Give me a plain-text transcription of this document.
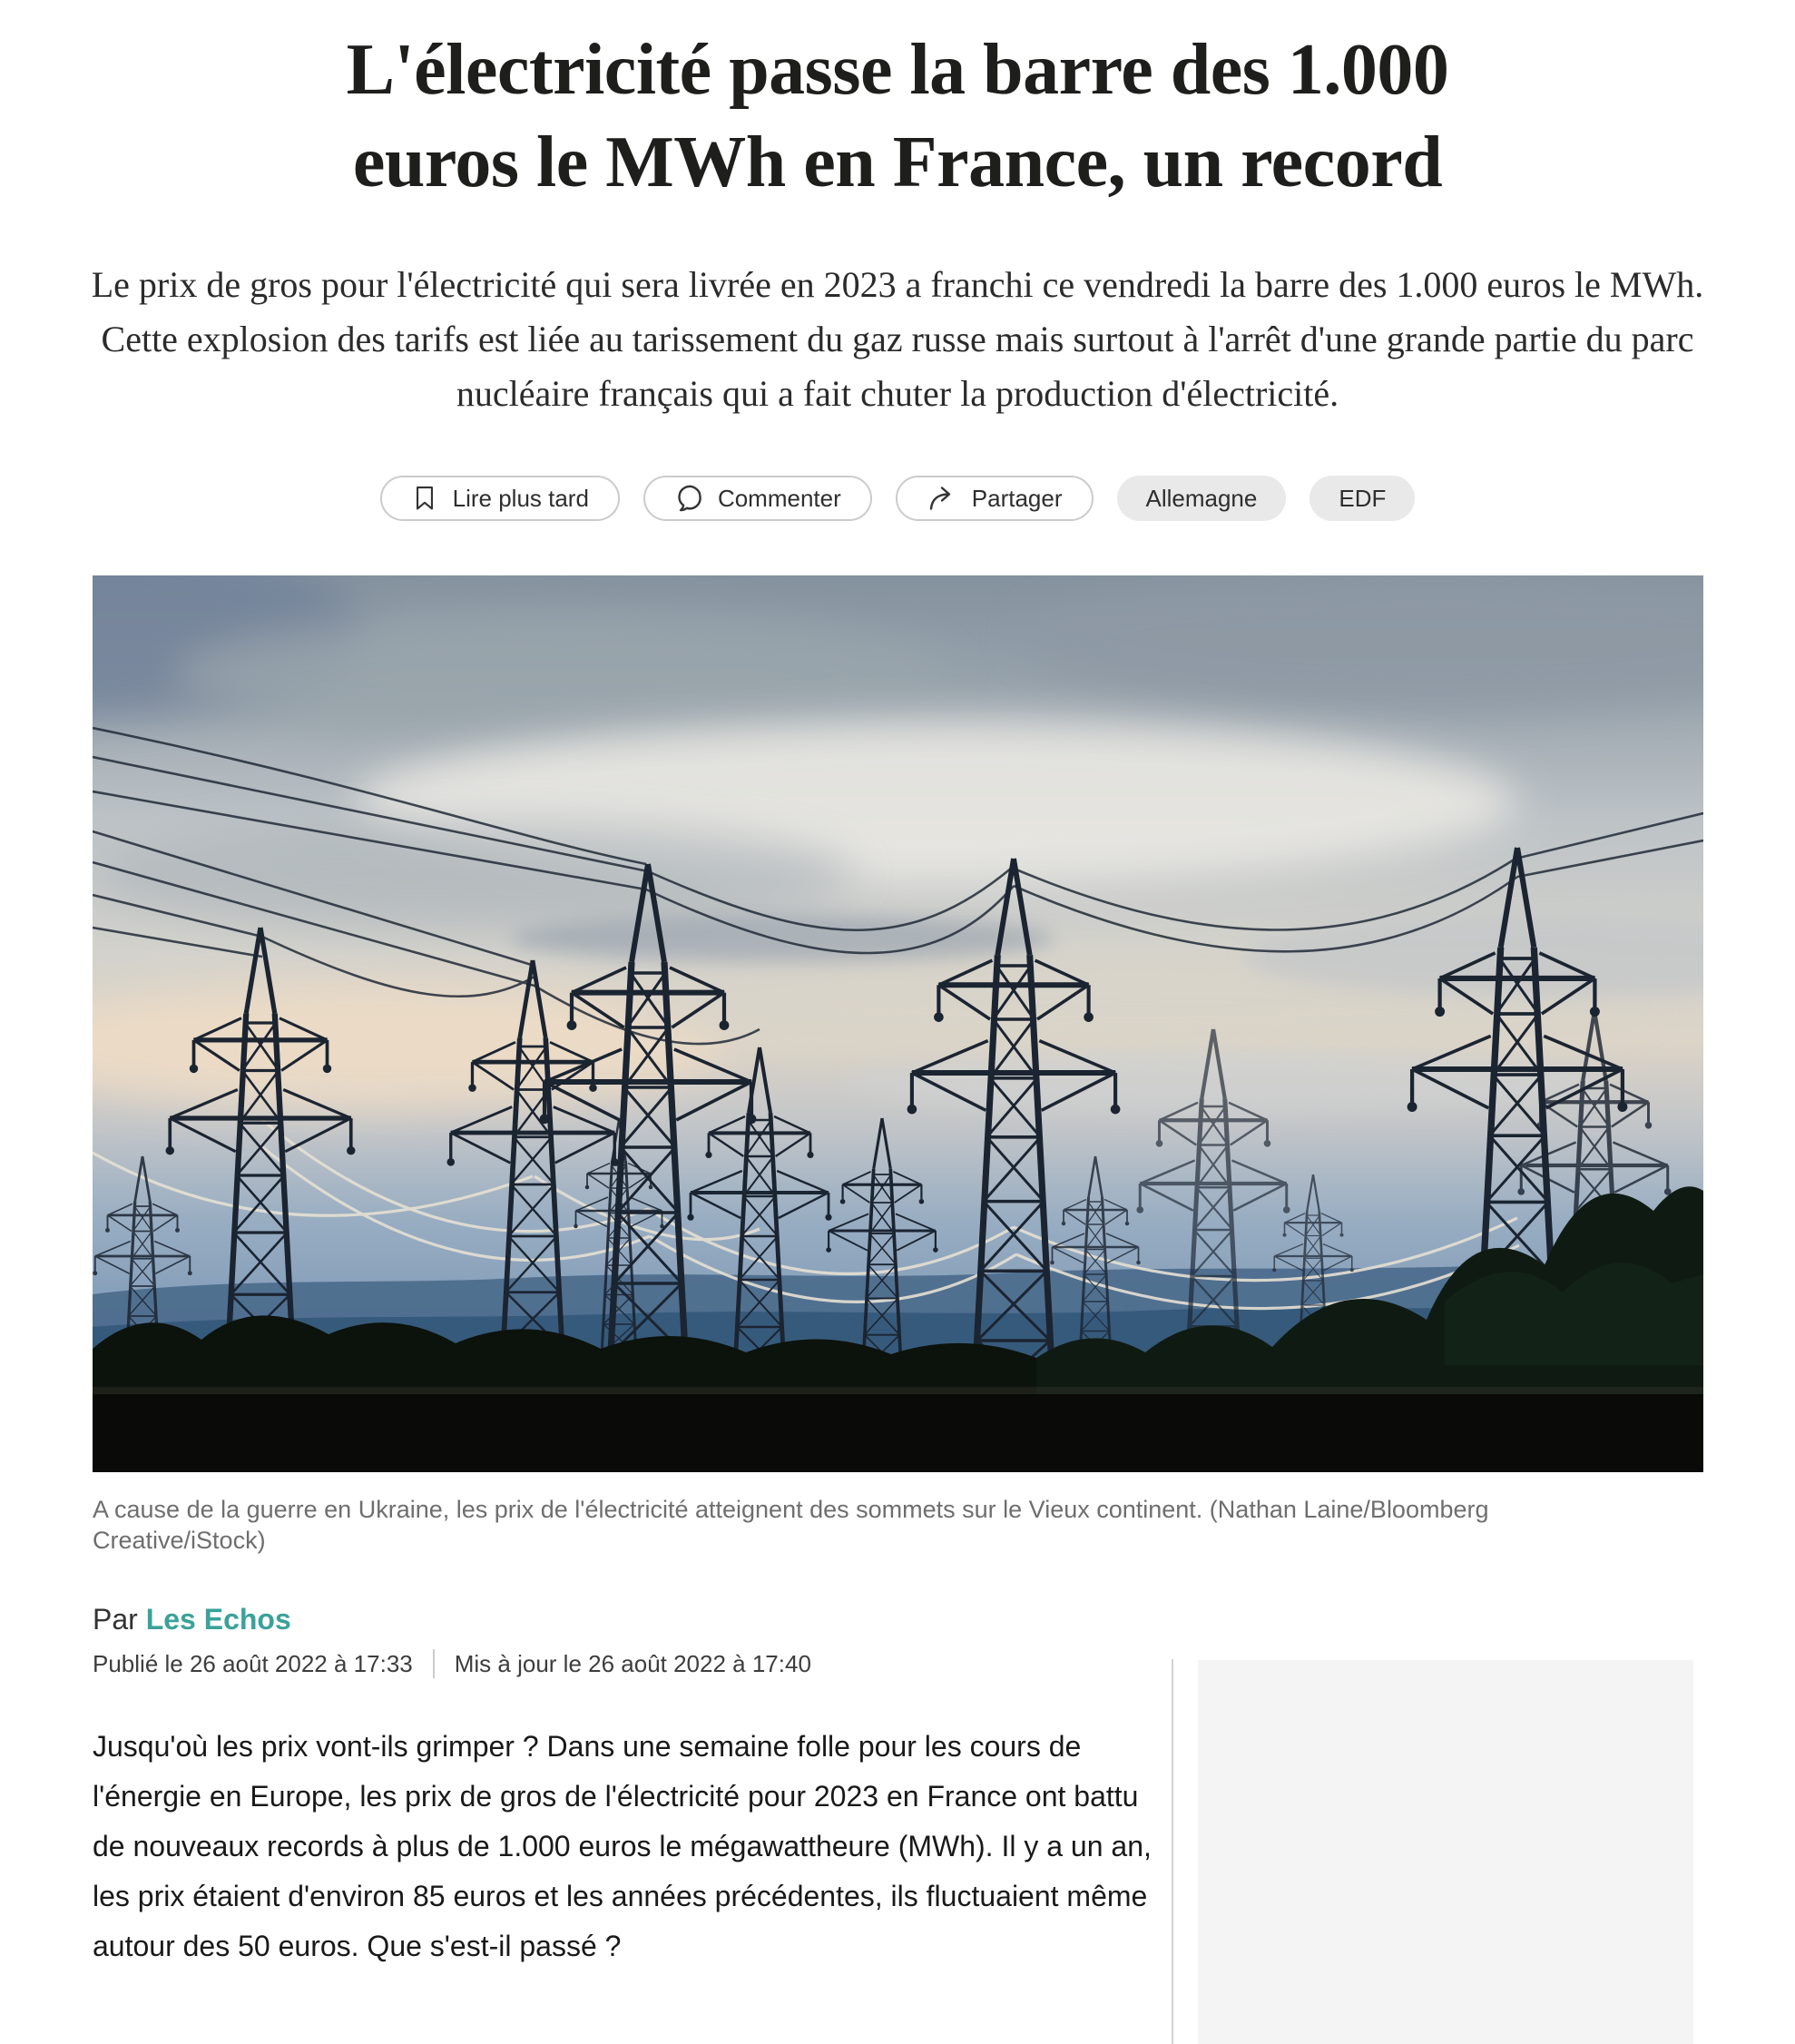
L'électricité passe la barre des 1.000 euros le MWh en France, un record

Le prix de gros pour l'électricité qui sera livrée en 2023 a franchi ce vendredi la barre des 1.000 euros le MWh. Cette explosion des tarifs est liée au tarissement du gaz russe mais surtout à l'arrêt d'une grande partie du parc nucléaire français qui a fait chuter la production d'électricité.

Lire plus tard	Commenter	Partager	Allemagne	EDF
A cause de la guerre en Ukraine, les prix de l'électricité atteignent des sommets sur le Vieux continent. (Nathan Laine/Bloomberg Creative/iStock)
Par Les Echos
Publié le 26 août 2022 à 17:33 Mis à jour le 26 août 2022 à 17:40

Jusqu'où les prix vont-ils grimper ? Dans une semaine folle pour les cours de l'énergie en Europe, les prix de gros de l'électricité pour 2023 en France ont battu de nouveaux records à plus de 1.000 euros le mégawattheure (MWh). Il y a un an, les prix étaient d'environ 85 euros et les années précédentes, ils fluctuaient même autour des 50 euros. Que s'est-il passé ?
